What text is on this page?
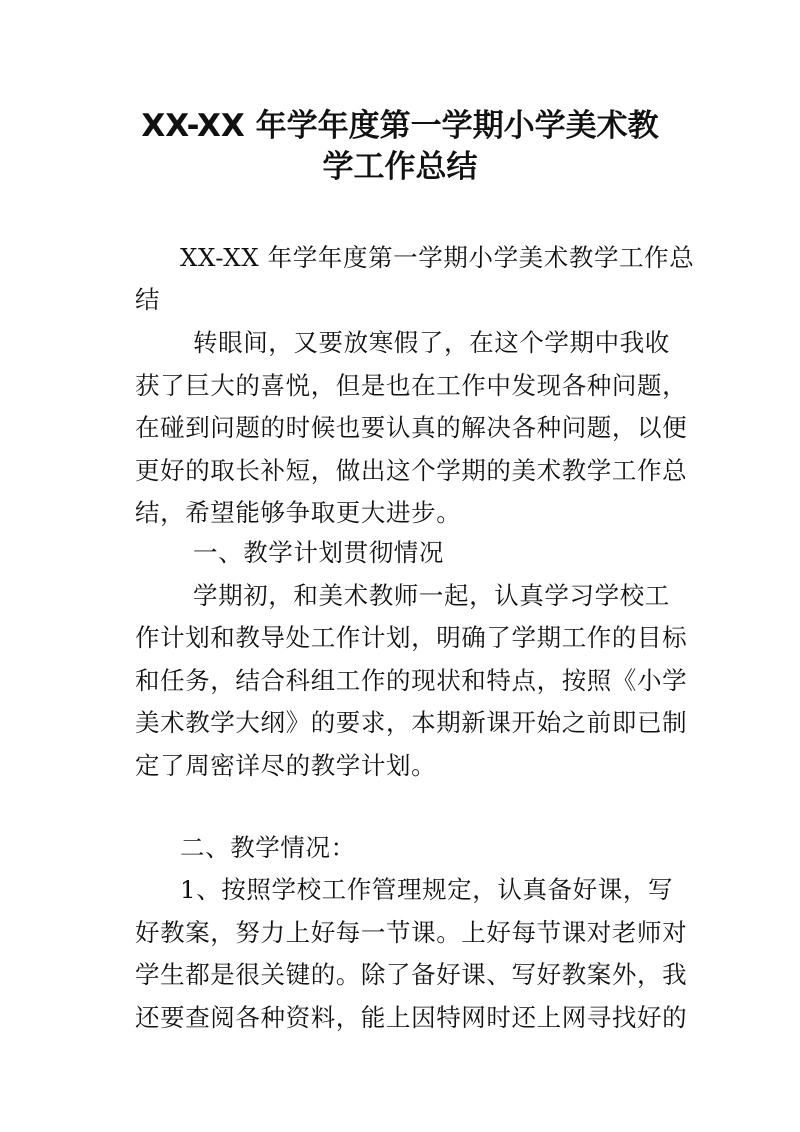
XX-XX 年学年度第一学期小学美术教
学工作总结
XX-XX 年学年度第一学期小学美术教学工作总
结
转眼间，又要放寒假了，在这个学期中我收
获了巨大的喜悦，但是也在工作中发现各种问题，
在碰到问题的时候也要认真的解决各种问题，以便
更好的取长补短，做出这个学期的美术教学工作总
结，希望能够争取更大进步。
一、教学计划贯彻情况
学期初，和美术教师一起，认真学习学校工
作计划和教导处工作计划，明确了学期工作的目标
和任务，结合科组工作的现状和特点，按照《小学
美术教学大纲》的要求，本期新课开始之前即已制
定了周密详尽的教学计划。
二、教学情况：
1、按照学校工作管理规定，认真备好课，写
好教案，努力上好每一节课。上好每节课对老师对
学生都是很关键的。除了备好课、写好教案外，我
还要查阅各种资料，能上因特网时还上网寻找好的
